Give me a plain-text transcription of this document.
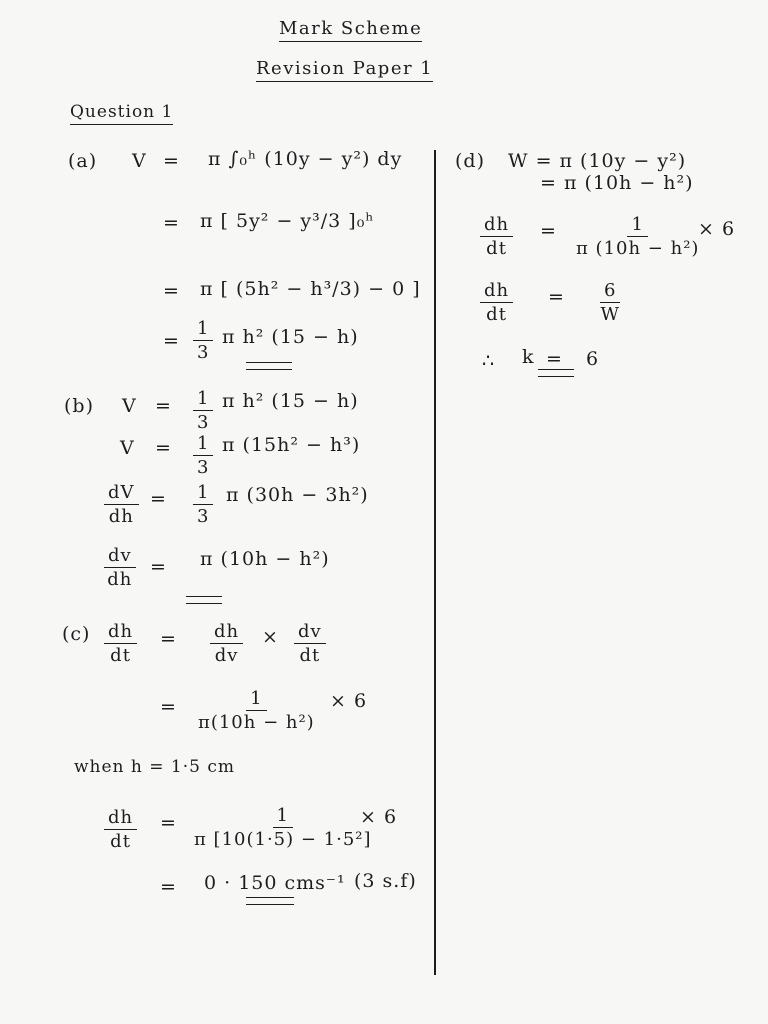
Mark Scheme
Revision Paper 1
Question 1
(a) V = π ∫₀ʰ (10y − y²) dy
= π [ 5y² − y³/3 ]₀ʰ
= π [ (5h² − h³/3) − 0 ]
= $\frac{1}{3}$ π h² (15 − h)
(b) $V = \frac{1}{3}$ π h² (15 − h)
$V = \frac{1}{3}$ π (15h² − h³)
$\frac{dV}{dh} = \frac{1}{3}$ π (30h − 3h²)
$\frac{dv}{dh} = \pi$ (10h − h²)
$(c) \frac{dh}{dt} = \frac{dh}{dv} \times \frac{dv}{dt}$
= $\frac{1}{\text{π(10h − h²)}} \times 6$
when h = 1·5 cm
$\frac{dh}{dt} = \frac{1}{\text{π [10(1·5) − 1·5²]}}$
× 6
= 0 · 150 cms⁻¹ (3 s.f)
(d) W = π (10y − y²)
= π (10h − h²)
$\frac{dh}{dt} = \frac{1}{\text{π (10h − h²)}}$
× 6
$\frac{dh}{dt} = \frac{6}{W}$
∴ k = 6
